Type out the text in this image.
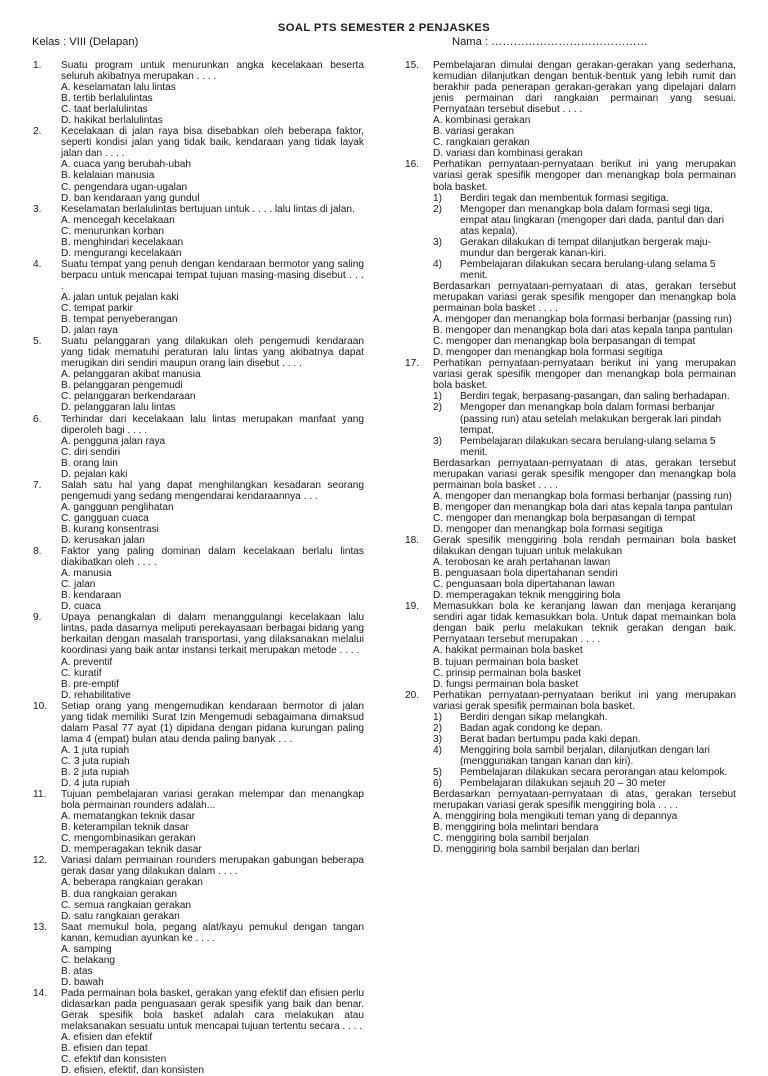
SOAL PTS SEMESTER 2 PENJASKES
Kelas : VIII (Delapan)	Nama : ……………………………………
1. Suatu program untuk menurunkan angka kecelakaan beserta seluruh akibatnya merupakan . . . .
A. keselamatan lalu lintas
B. tertib berlalulintas
C. taat berlalulintas
D. hakikat berlalulintas
2. Kecelakaan di jalan raya bisa disebabkan oleh beberapa faktor, seperti kondisi jalan yang tidak baik, kendaraan yang tidak layak jalan dan . . . .
A. cuaca yang berubah-ubah
B. kelalaian manusia
C. pengendara ugan-ugalan
D. ban kendaraan yang gundul
3. Keselamatan berlalulintas bertujuan untuk . . . . lalu lintas di jalan.
A. mencegah kecelakaan
C. menurunkan korban
B. menghindari kecelakaan
D. mengurangi kecelakaan
4. Suatu tempat yang penuh dengan kendaraan bermotor yang saling berpacu untuk mencapai tempat tujuan masing-masing disebut . . . .
A. jalan untuk pejalan kaki
C. tempat parkir
B. tempat penyeberangan
D. jalan raya
5. Suatu pelanggaran yang dilakukan oleh pengemudi kendaraan yang tidak mematuhi peraturan lalu lintas yang akibatnya dapat merugikan diri sendiri maupun orang lain disebut . . . .
A. pelanggaran akibat manusia
B. pelanggaran pengemudi
C. pelanggaran berkendaraan
D. pelanggaran lalu lintas
6. Terhindar dari kecelakaan lalu lintas merupakan manfaat yang diperoleh bagi . . . .
A. pengguna jalan raya
C. diri sendiri
B. orang lain
D. pejalan kaki
7. Salah satu hal yang dapat menghilangkan kesadaran seorang pengemudi yang sedang mengendarai kendaraannya . . .
A. gangguan penglihatan
C. gangguan cuaca
B. kurang konsentrasi
D. kerusakan jalan
8. Faktor yang paling dominan dalam kecelakaan berlalu lintas diakibatkan oleh . . . .
A. manusia
C. jalan
B. kendaraan
D. cuaca
9. Upaya penangkalan di dalam menanggulangi kecelakaan lalu lintas, pada dasarnya meliputi perekayasaan berbagai bidang yang berkaitan dengan masalah transportasi, yang dilaksanakan melalui koordinasi yang baik antar instansi terkait merupakan metode . . . .
A. preventif
C. kuratif
B. pre-emptif
D. rehabilitative
10. Setiap orang yang mengemudikan kendaraan bermotor di jalan yang tidak memiliki Surat Izin Mengemudi sebagaimana dimaksud dalam Pasal 77 ayat (1) dipidana dengan pidana kurungan paling lama 4 (empat) bulan atau denda paling banyak . . .
A. 1 juta rupiah
C. 3 juta rupiah
B. 2 juta rupiah
D. 4 juta rupiah
11. Tujuan pembelajaran variasi gerakan melempar dan menangkap bola permainan rounders adalah...
A. mematangkan teknik dasar
B. keterampilan teknik dasar
C. mengombinasikan gerakan
D. memperagakan teknik dasar
12. Variasi dalam permainan rounders merupakan gabungan beberapa gerak dasar yang dilakukan dalam . . . .
A. beberapa rangkaian gerakan
B. dua rangkaian gerakan
C. semua rangkaian gerakan
D. satu rangkaian gerakan
13. Saat memukul bola, pegang alat/kayu pemukul dengan tangan kanan, kemudian ayunkan ke . . . .
A. samping
C. belakang
B. atas
D. bawah
14. Pada permainan bola basket, gerakan yang efektif dan efisien perlu didasarkan pada penguasaan gerak spesifik yang baik dan benar. Gerak spesifik bola basket adalah cara melakukan atau melaksanakan sesuatu untuk mencapai tujuan tertentu secara . . . .
A. efisien dan efektif
B. efisien dan tepat
C. efektif dan konsisten
D. efisien, efektif, dan konsisten
15. Pembelajaran dimulai dengan gerakan-gerakan yang sederhana, kemudian dilanjutkan dengan bentuk-bentuk yang lebih rumit dan berakhir pada penerapan gerakan-gerakan yang dipelajari dalam jenis permainan dari rangkaian permainan yang sesuai. Pernyataan tersebut disebut . . . .
A. kombinasi gerakan
B. variasi gerakan
C. rangkaian gerakan
D. variasi dan kombinasi gerakan
16. Perhatikan pernyataan-pernyataan berikut ini yang merupakan variasi gerak spesifik mengoper dan menangkap bola permainan bola basket.
1) Berdiri tegak dan membentuk formasi segitiga.
2) Mengoper dan menangkap bola dalam formasi segi tiga, empat atau lingkaran (mengoper dari dada, pantul dan dari atas kepala).
3) Gerakan dilakukan di tempat dilanjutkan bergerak maju-mundur dan bergerak kanan-kiri.
4) Pembelajaran dilakukan secara berulang-ulang selama 5 menit.
Berdasarkan pernyataan-pernyataan di atas, gerakan tersebut merupakan variasi gerak spesifik mengoper dan menangkap bola permainan bola basket . . . .
A. mengoper dan menangkap bola formasi berbanjar (passing run)
B. mengoper dan menangkap bola dari atas kepala tanpa pantulan
C. mengoper dan menangkap bola berpasangan di tempat
D. mengoper dan menangkap bola formasi segitiga
17. Perhatikan pernyataan-pernyataan berikut ini yang merupakan variasi gerak spesifik mengoper dan menangkap bola permainan bola basket.
1) Berdiri tegak, berpasang-pasangan, dan saling berhadapan.
2) Mengoper dan menangkap bola dalam formasi berbanjar (passing run) atau setelah melakukan bergerak lari pindah tempat.
3) Pembelajaran dilakukan secara berulang-ulang selama 5 menit.
Berdasarkan pernyataan-pernyataan di atas, gerakan tersebut merupakan variasi gerak spesifik mengoper dan menangkap bola permainan bola basket . . . .
A. mengoper dan menangkap bola formasi berbanjar (passing run)
B. mengoper dan menangkap bola dari atas kepala tanpa pantulan
C. mengoper dan menangkap bola berpasangan di tempat
D. mengoper dan menangkap bola formasi segitiga
18. Gerak spesifik menggiring bola rendah permainan bola basket dilakukan dengan tujuan untuk melakukan
A. terobosan ke arah pertahanan lawan
B. penguasaan bola dipertahanan sendiri
C. penguasaan bola dipertahanan lawan
D. memperagakan teknik menggiring bola
19. Memasukkan bola ke keranjang lawan dan menjaga keranjang sendiri agar tidak kemasukkan bola. Untuk dapat memainkan bola dengan baik perlu melakukan teknik gerakan dengan baik. Pernyataan tersebut merupakan . . . .
A. hakikat permainan bola basket
B. tujuan permainan bola basket
C. prinsip permainan bola basket
D. fungsi permainan bola basket
20. Perhatikan pernyataan-pernyataan berikut ini yang merupakan variasi gerak spesifik permainan bola basket.
1) Berdiri dengan sikap melangkah.
2) Badan agak condong ke depan.
3) Berat badan bertumpu pada kaki depan.
4) Menggiring bola sambil berjalan, dilanjutkan dengan lari (menggunakan tangan kanan dan kiri).
5) Pembelajaran dilakukan secara perorangan atau kelompok.
6) Pembelajaran dilakukan sejauh 20 – 30 meter
Berdasarkan pernyataan-pernyataan di atas, gerakan tersebut merupakan variasi gerak spesifik menggiring bola . . . .
A. menggiring bola mengikuti teman yang di depannya
B. menggiring bola melintari bendara
C. menggiring bola sambil berjalan
D. menggiring bola sambil berjalan dan berlari
